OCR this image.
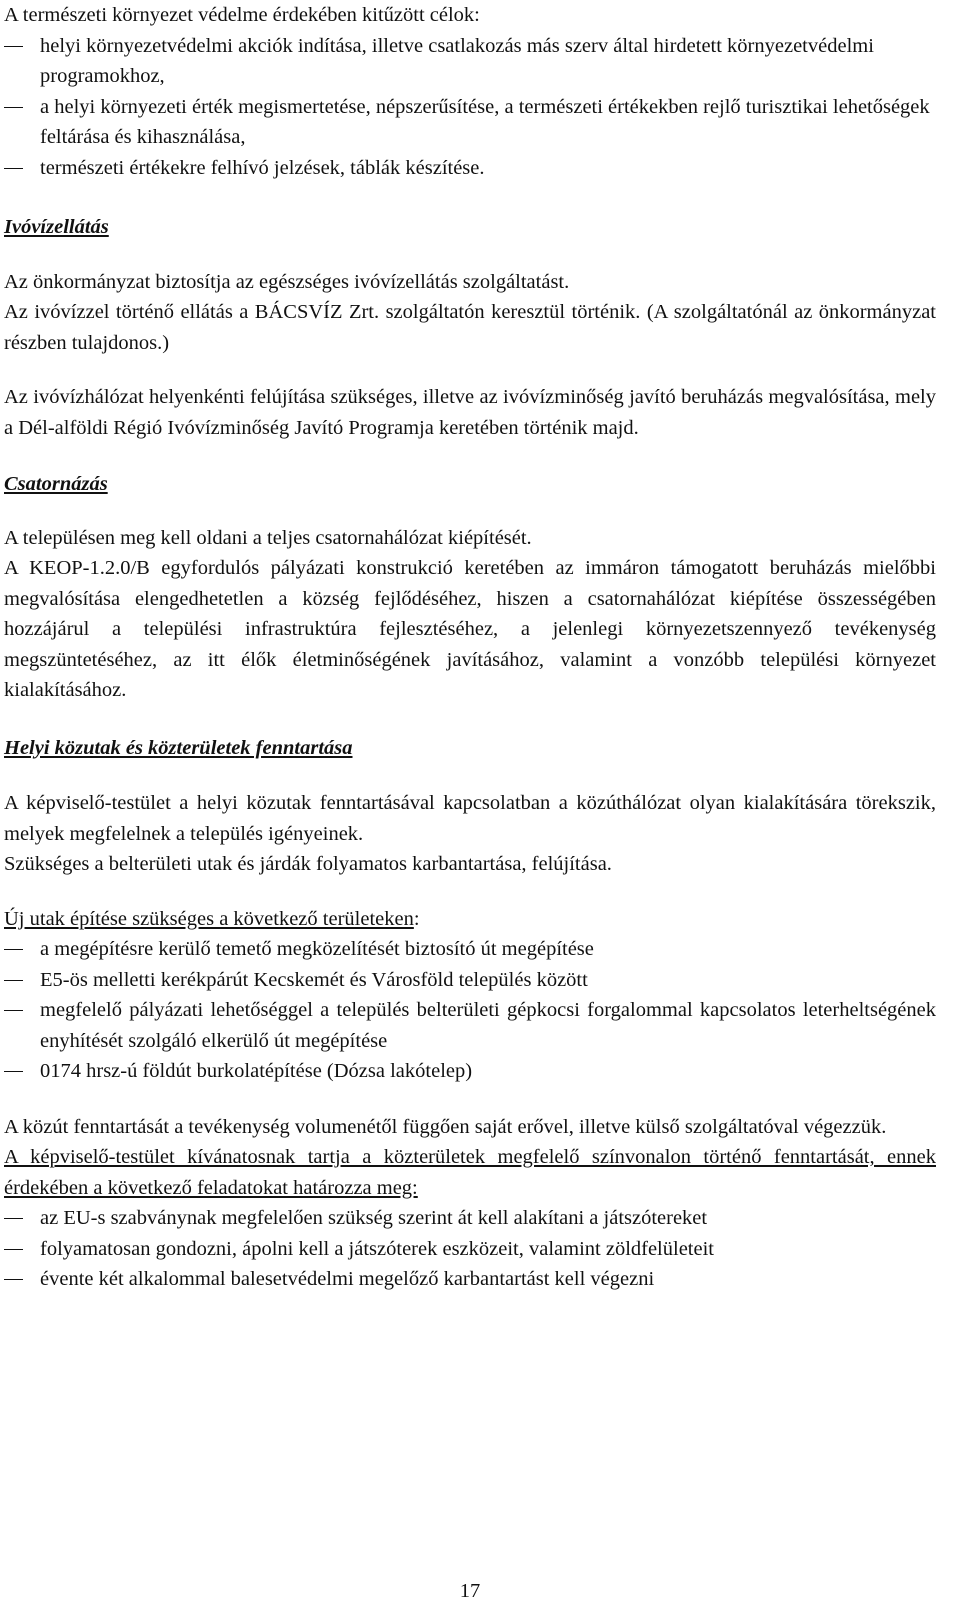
A természeti környezet védelme érdekében kitűzött célok:

helyi környezetvédelmi akciók indítása, illetve csatlakozás más szerv által hirdetett környezetvédelmi programokhoz,
a helyi környezeti érték megismertetése, népszerűsítése, a természeti értékekben rejlő turisztikai lehetőségek feltárása és kihasználása,
természeti értékekre felhívó jelzések, táblák készítése.

Ivóvízellátás

Az önkormányzat biztosítja az egészséges ivóvízellátás szolgáltatást.

Az ivóvízzel történő ellátás a BÁCSVÍZ Zrt. szolgáltatón keresztül történik. (A szolgáltatónál az önkormányzat részben tulajdonos.)

Az ivóvízhálózat helyenkénti felújítása szükséges, illetve az ivóvízminőség javító beruházás megvalósítása, mely a Dél-alföldi Régió Ivóvízminőség Javító Programja keretében történik majd.

Csatornázás

A településen meg kell oldani a teljes csatornahálózat kiépítését.

A KEOP-1.2.0/B egyfordulós pályázati konstrukció keretében az immáron támogatott beruházás mielőbbi megvalósítása elengedhetetlen a község fejlődéséhez, hiszen a csatornahálózat kiépítése összességében hozzájárul a települési infrastruktúra fejlesztéséhez, a jelenlegi környezetszennyező tevékenység megszüntetéséhez, az itt élők életminőségének javításához, valamint a vonzóbb települési környezet kialakításához.

Helyi közutak és közterületek fenntartása

A képviselő-testület a helyi közutak fenntartásával kapcsolatban a közúthálózat olyan kialakítására törekszik, melyek megfelelnek a település igényeinek.

Szükséges a belterületi utak és járdák folyamatos karbantartása, felújítása.

Új utak építése szükséges a következő területeken:

a megépítésre kerülő temető megközelítését biztosító út megépítése
E5-ös melletti kerékpárút Kecskemét és Városföld település között
megfelelő pályázati lehetőséggel a település belterületi gépkocsi forgalommal kapcsolatos leterheltségének enyhítését szolgáló elkerülő út megépítése
0174 hrsz-ú földút burkolatépítése (Dózsa lakótelep)

A közút fenntartását a tevékenység volumenétől függően saját erővel, illetve külső szolgáltatóval végezzük.

A képviselő-testület kívánatosnak tartja a közterületek megfelelő színvonalon történő fenntartását, ennek érdekében a következő feladatokat határozza meg:

az EU-s szabványnak megfelelően szükség szerint át kell alakítani a játszótereket
folyamatosan gondozni, ápolni kell a játszóterek eszközeit, valamint zöldfelületeit
évente két alkalommal balesetvédelmi megelőző karbantartást kell végezni
17
